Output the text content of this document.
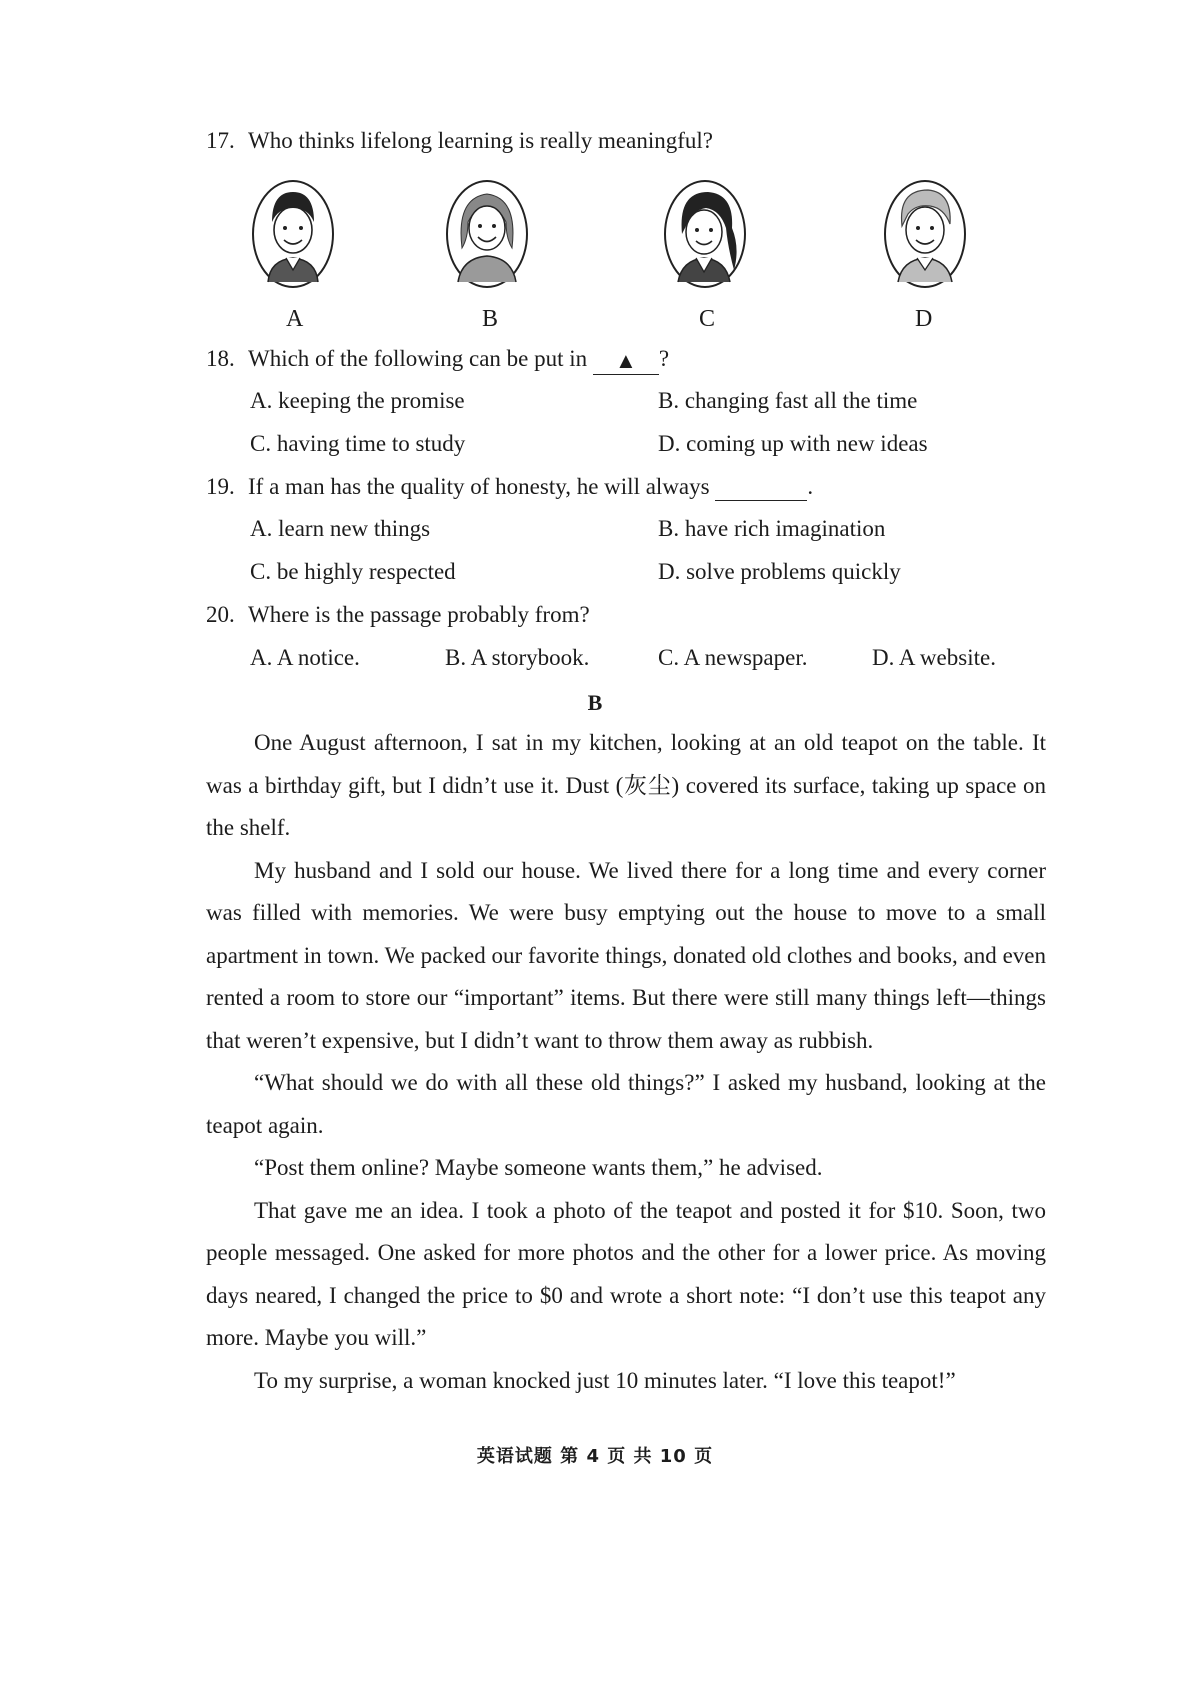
17. Who thinks lifelong learning is really meaningful?
A	B	C	D
18. Which of the following can be put in ▲ ?
A. keeping the promise	B. changing fast all the time
C. having time to study	D. coming up with new ideas
19. If a man has the quality of honesty, he will always	.
A. learn new things	B. have rich imagination
C. be highly respected	D. solve problems quickly
20. Where is the passage probably from?
A. A notice.	B. A storybook.	C. A newspaper.	D. A website.
B

One August afternoon, I sat in my kitchen, looking at an old teapot on the table. It was a birthday gift, but I didn’t use it. Dust (灰尘) covered its surface, taking up space on the shelf.

My husband and I sold our house. We lived there for a long time and every corner was filled with memories. We were busy emptying out the house to move to a small apartment in town. We packed our favorite things, donated old clothes and books, and even rented a room to store our “important” items. But there were still many things left—things that weren’t expensive, but I didn’t want to throw them away as rubbish.

“What should we do with all these old things?” I asked my husband, looking at the teapot again.

“Post them online? Maybe someone wants them,” he advised.

That gave me an idea. I took a photo of the teapot and posted it for $10. Soon, two people messaged. One asked for more photos and the other for a lower price. As moving days neared, I changed the price to $0 and wrote a short note: “I don’t use this teapot any more. Maybe you will.”

To my surprise, a woman knocked just 10 minutes later. “I love this teapot!”

英语试题 第 4 页 共 10 页
